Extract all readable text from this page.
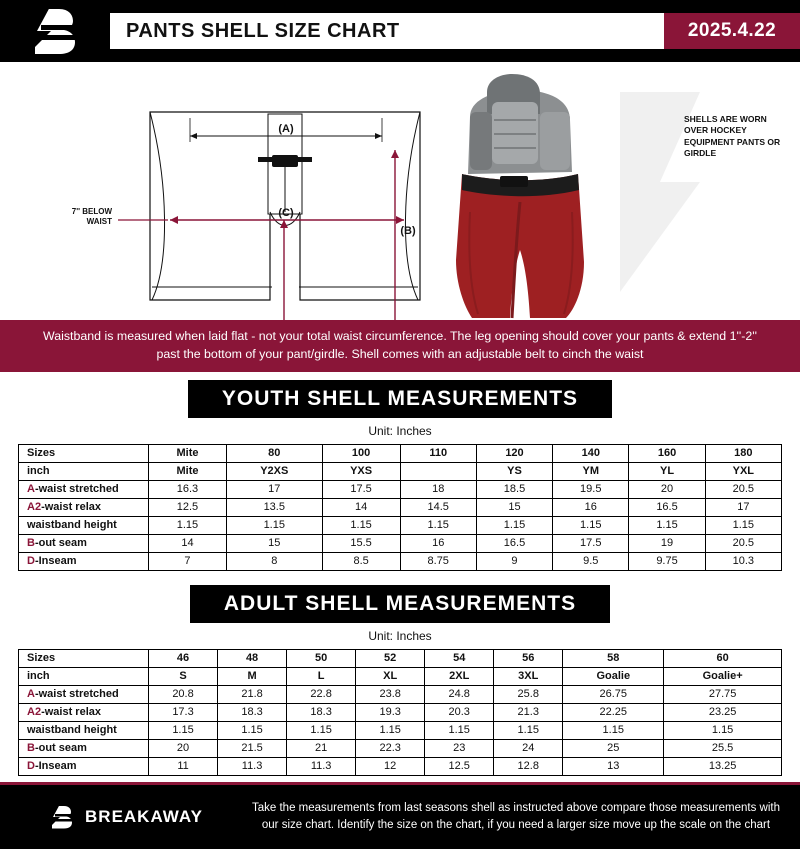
PANTS SHELL SIZE CHART	2025.4.22
(A)
(C)
7'' BELOW
WAIST
(B)
SHELLS ARE WORN OVER HOCKEY EQUIPMENT PANTS OR GIRDLE
Waistband is measured when laid flat - not your total waist circumference. The leg opening should cover your pants & extend 1''-2'' past the bottom of your pant/girdle. Shell comes with an adjustable belt to cinch the waist
YOUTH SHELL MEASUREMENTS
Unit: Inches
Sizes	Mite	80	100	110	120	140	160	180
inch	Mite	Y2XS	YXS		YS	YM	YL	YXL
A-waist stretched	16.3	17	17.5	18	18.5	19.5	20	20.5
A2-waist relax	12.5	13.5	14	14.5	15	16	16.5	17
waistband height	1.15	1.15	1.15	1.15	1.15	1.15	1.15	1.15
B-out seam	14	15	15.5	16	16.5	17.5	19	20.5
D-Inseam	7	8	8.5	8.75	9	9.5	9.75	10.3
ADULT SHELL MEASUREMENTS
Unit: Inches
Sizes	46	48	50	52	54	56	58	60
inch	S	M	L	XL	2XL	3XL	Goalie	Goalie+
A-waist stretched	20.8	21.8	22.8	23.8	24.8	25.8	26.75	27.75
A2-waist relax	17.3	18.3	18.3	19.3	20.3	21.3	22.25	23.25
waistband height	1.15	1.15	1.15	1.15	1.15	1.15	1.15	1.15
B-out seam	20	21.5	21	22.3	23	24	25	25.5
D-Inseam	11	11.3	11.3	12	12.5	12.8	13	13.25
BREAKAWAY	Take the measurements from last seasons shell as instructed above compare those measurements with our size chart. Identify the size on the chart, if you need a larger size move up the scale on the chart
